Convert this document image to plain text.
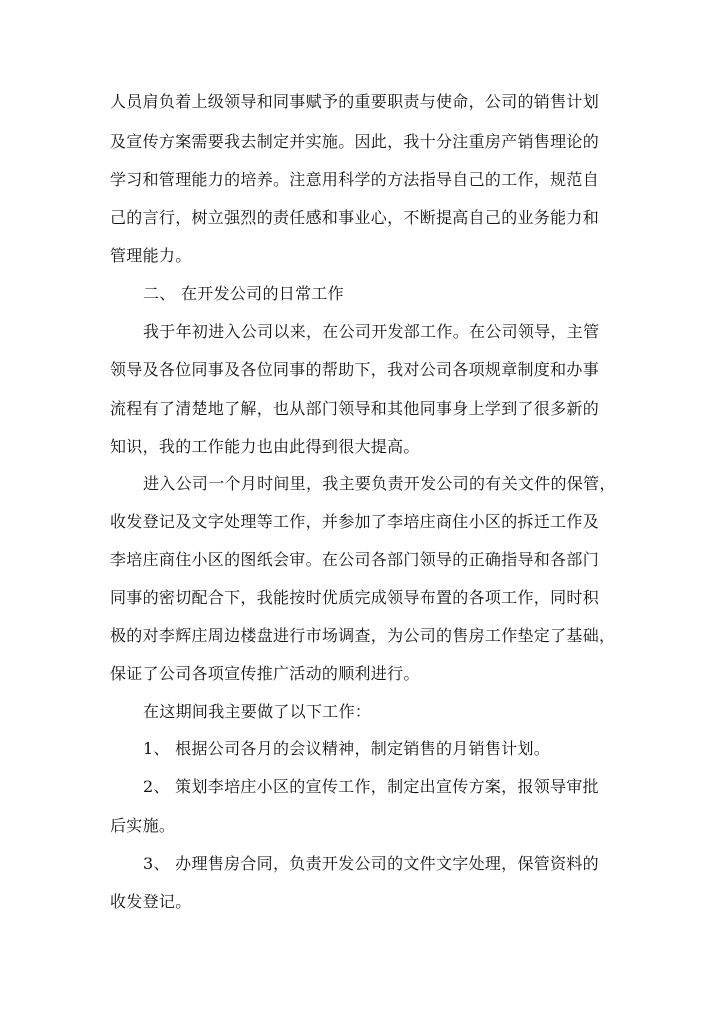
人员肩负着上级领导和同事赋予的重要职责与使命，公司的销售计划
及宣传方案需要我去制定并实施。因此，我十分注重房产销售理论的
学习和管理能力的培养。注意用科学的方法指导自己的工作，规范自
己的言行，树立强烈的责任感和事业心，不断提高自己的业务能力和
管理能力。
二、 在开发公司的日常工作
我于年初进入公司以来，在公司开发部工作。在公司领导，主管
领导及各位同事及各位同事的帮助下，我对公司各项规章制度和办事
流程有了清楚地了解，也从部门领导和其他同事身上学到了很多新的
知识，我的工作能力也由此得到很大提高。
进入公司一个月时间里，我主要负责开发公司的有关文件的保管，
收发登记及文字处理等工作，并参加了李培庄商住小区的拆迁工作及
李培庄商住小区的图纸会审。在公司各部门领导的正确指导和各部门
同事的密切配合下，我能按时优质完成领导布置的各项工作，同时积
极的对李辉庄周边楼盘进行市场调查，为公司的售房工作垫定了基础，
保证了公司各项宣传推广活动的顺利进行。
在这期间我主要做了以下工作：
1、 根据公司各月的会议精神，制定销售的月销售计划。
2、 策划李培庄小区的宣传工作，制定出宣传方案，报领导审批
后实施。
3、 办理售房合同，负责开发公司的文件文字处理，保管资料的
收发登记。
